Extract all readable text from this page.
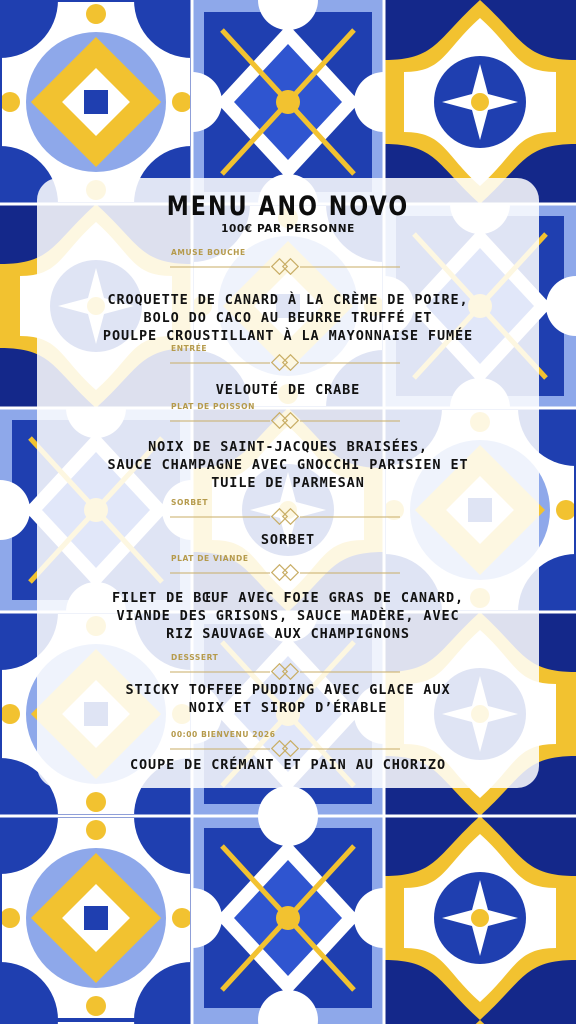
MENU ANO NOVO
100€ PAR PERSONNE
AMUSE BOUCHE
ENTRÉE
PLAT DE POISSON
SORBET
PLAT DE VIANDE
DESSSERT
00:00 BIENVENU 2026
CROQUETTE DE CANARD À LA CRÈME DE POIRE,
BOLO DO CACO AU BEURRE TRUFFÉ ET
POULPE CROUSTILLANT À LA MAYONNAISE FUMÉE
VELOUTÉ DE CRABE
NOIX DE SAINT-JACQUES BRAISÉES,
SAUCE CHAMPAGNE AVEC GNOCCHI PARISIEN ET
TUILE DE PARMESAN
SORBET
FILET DE BŒUF AVEC FOIE GRAS DE CANARD,
VIANDE DES GRISONS, SAUCE MADÈRE, AVEC
RIZ SAUVAGE AUX CHAMPIGNONS
STICKY TOFFEE PUDDING AVEC GLACE AUX
NOIX ET SIROP D’ÉRABLE
COUPE DE CRÉMANT ET PAIN AU CHORIZO
